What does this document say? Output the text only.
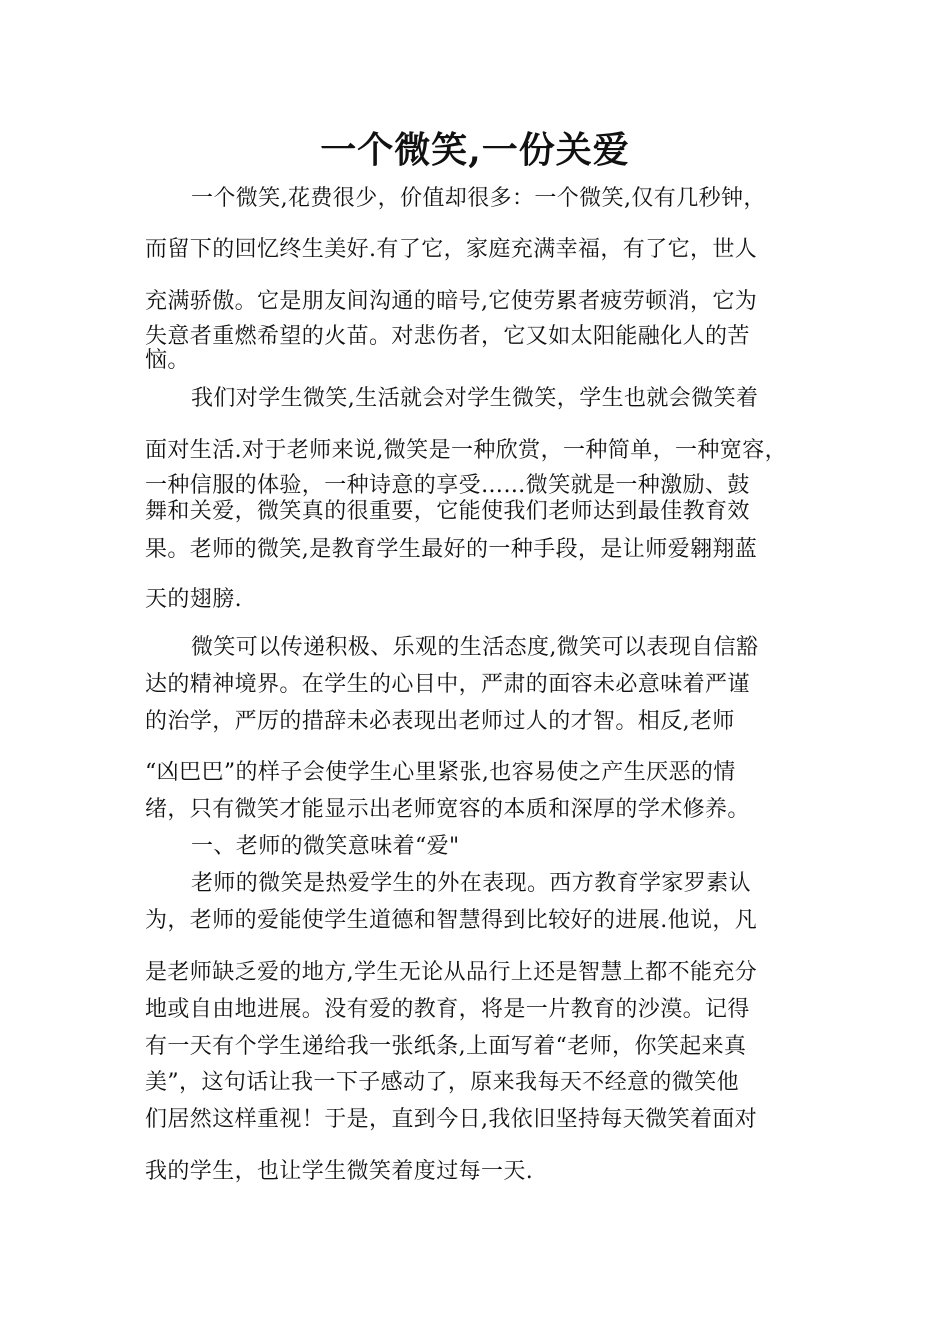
一个微笑,一份关爱

一个微笑,花费很少，价值却很多：一个微笑,仅有几秒钟，

而留下的回忆终生美好.有了它，家庭充满幸福，有了它，世人

充满骄傲。它是朋友间沟通的暗号,它使劳累者疲劳顿消，它为

失意者重燃希望的火苗。对悲伤者，它又如太阳能融化人的苦

恼。

我们对学生微笑,生活就会对学生微笑，学生也就会微笑着

面对生活.对于老师来说,微笑是一种欣赏，一种简单，一种宽容，

一种信服的体验，一种诗意的享受……微笑就是一种激励、鼓

舞和关爱，微笑真的很重要，它能使我们老师达到最佳教育效

果。老师的微笑,是教育学生最好的一种手段，是让师爱翱翔蓝

天的翅膀.

微笑可以传递积极、乐观的生活态度,微笑可以表现自信豁

达的精神境界。在学生的心目中，严肃的面容未必意味着严谨

的治学，严厉的措辞未必表现出老师过人的才智。相反,老师

“凶巴巴”的样子会使学生心里紧张,也容易使之产生厌恶的情

绪，只有微笑才能显示出老师宽容的本质和深厚的学术修养。

一、老师的微笑意味着“爱"

老师的微笑是热爱学生的外在表现。西方教育学家罗素认

为，老师的爱能使学生道德和智慧得到比较好的进展.他说，凡

是老师缺乏爱的地方,学生无论从品行上还是智慧上都不能充分

地或自由地进展。没有爱的教育，将是一片教育的沙漠。记得

有一天有个学生递给我一张纸条,上面写着“老师，你笑起来真

美”，这句话让我一下子感动了，原来我每天不经意的微笑他

们居然这样重视！于是，直到今日,我依旧坚持每天微笑着面对

我的学生，也让学生微笑着度过每一天.
